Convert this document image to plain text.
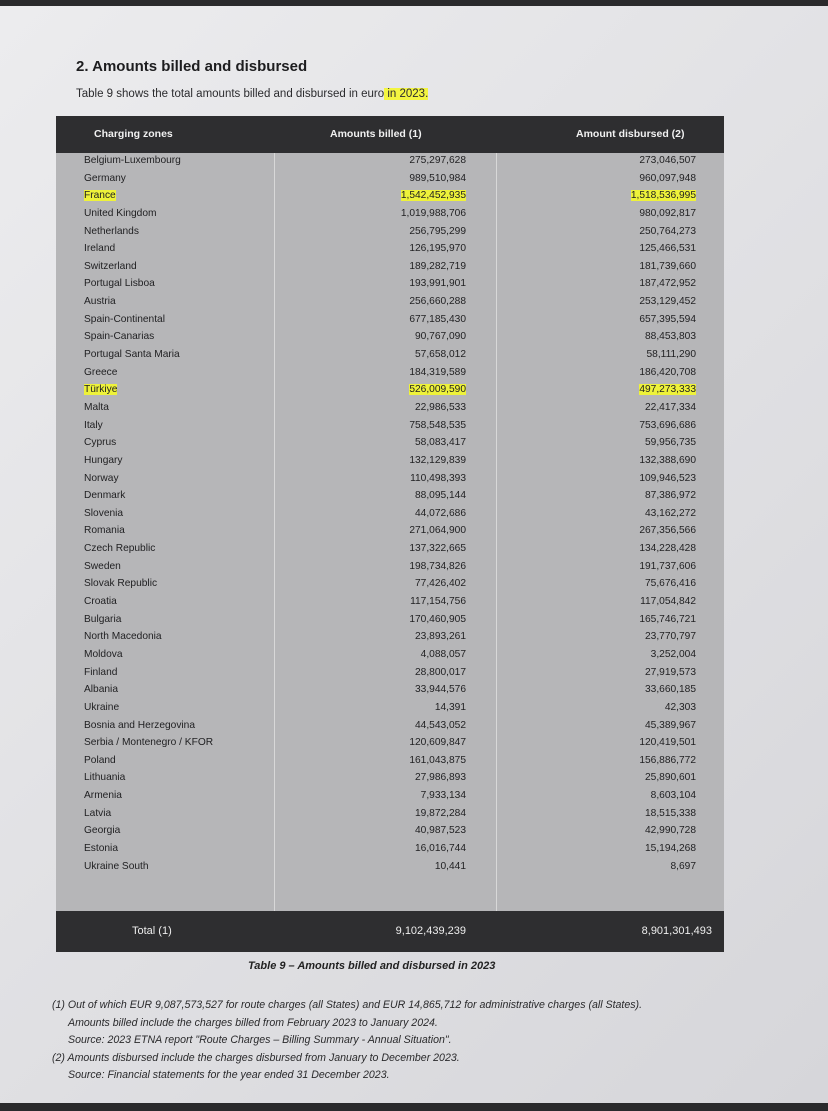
2. Amounts billed and disbursed
Table 9 shows the total amounts billed and disbursed in euro in 2023.
Charging zones	Amounts billed (1)	Amount disbursed (2)
Belgium-Luxembourg	275,297,628	273,046,507
Germany	989,510,984	960,097,948
France	1,542,452,935	1,518,536,995
United Kingdom	1,019,988,706	980,092,817
Netherlands	256,795,299	250,764,273
Ireland	126,195,970	125,466,531
Switzerland	189,282,719	181,739,660
Portugal Lisboa	193,991,901	187,472,952
Austria	256,660,288	253,129,452
Spain-Continental	677,185,430	657,395,594
Spain-Canarias	90,767,090	88,453,803
Portugal Santa Maria	57,658,012	58,111,290
Greece	184,319,589	186,420,708
Türkiye	526,009,590	497,273,333
Malta	22,986,533	22,417,334
Italy	758,548,535	753,696,686
Cyprus	58,083,417	59,956,735
Hungary	132,129,839	132,388,690
Norway	110,498,393	109,946,523
Denmark	88,095,144	87,386,972
Slovenia	44,072,686	43,162,272
Romania	271,064,900	267,356,566
Czech Republic	137,322,665	134,228,428
Sweden	198,734,826	191,737,606
Slovak Republic	77,426,402	75,676,416
Croatia	117,154,756	117,054,842
Bulgaria	170,460,905	165,746,721
North Macedonia	23,893,261	23,770,797
Moldova	4,088,057	3,252,004
Finland	28,800,017	27,919,573
Albania	33,944,576	33,660,185
Ukraine	14,391	42,303
Bosnia and Herzegovina	44,543,052	45,389,967
Serbia / Montenegro / KFOR	120,609,847	120,419,501
Poland	161,043,875	156,886,772
Lithuania	27,986,893	25,890,601
Armenia	7,933,134	8,603,104
Latvia	19,872,284	18,515,338
Georgia	40,987,523	42,990,728
Estonia	16,016,744	15,194,268
Ukraine South	10,441	8,697
Total (1)	9,102,439,239	8,901,301,493
Table 9 – Amounts billed and disbursed in 2023
(1) Out of which EUR 9,087,573,527 for route charges (all States) and EUR 14,865,712 for administrative charges (all States).
Amounts billed include the charges billed from February 2023 to January 2024.
Source: 2023 ETNA report "Route Charges – Billing Summary - Annual Situation".
(2) Amounts disbursed include the charges disbursed from January to December 2023.
Source: Financial statements for the year ended 31 December 2023.
